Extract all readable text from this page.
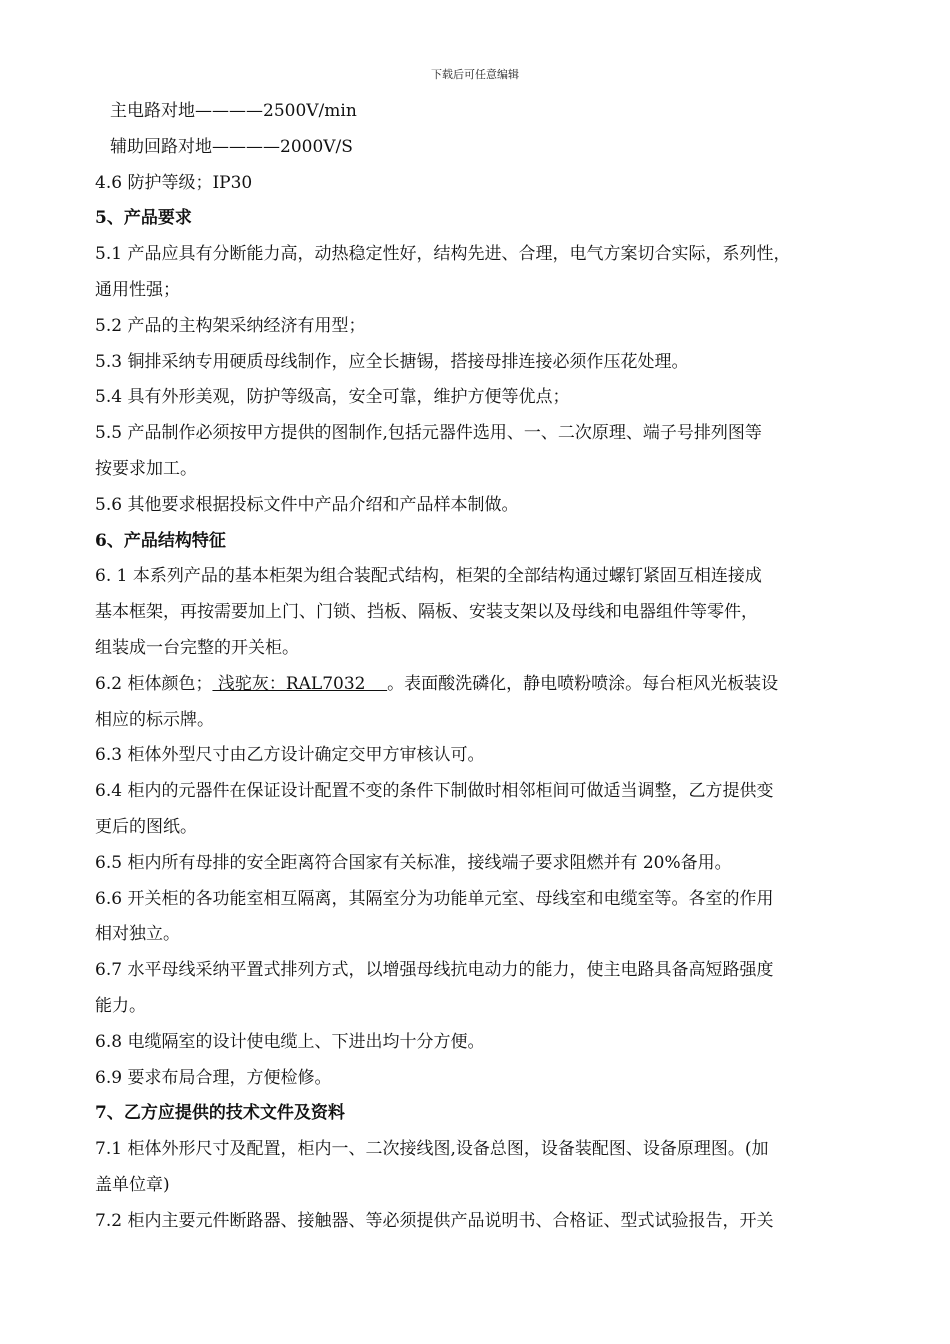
下载后可任意编辑
主电路对地————2500V/min
辅助回路对地————2000V/S
4.6 防护等级；IP30
5、产品要求
5.1 产品应具有分断能力高，动热稳定性好，结构先进、合理，电气方案切合实际，系列性，
通用性强；
5.2 产品的主构架采纳经济有用型；
5.3 铜排采纳专用硬质母线制作，应全长搪锡，搭接母排连接必须作压花处理。
5.4 具有外形美观，防护等级高，安全可靠，维护方便等优点；
5.5 产品制作必须按甲方提供的图制作,包括元器件选用、一、二次原理、端子号排列图等
按要求加工。
5.6 其他要求根据投标文件中产品介绍和产品样本制做。
6、产品结构特征
6. 1 本系列产品的基本柜架为组合装配式结构，柜架的全部结构通过螺钉紧固互相连接成
基本框架，再按需要加上门、门锁、挡板、隔板、安装支架以及母线和电器组件等零件，
组装成一台完整的开关柜。
6.2 柜体颜色； 浅驼灰：RAL7032    。表面酸洗磷化，静电喷粉喷涂。每台柜风光板装设
相应的标示牌。
6.3 柜体外型尺寸由乙方设计确定交甲方审核认可。
6.4 柜内的元器件在保证设计配置不变的条件下制做时相邻柜间可做适当调整，乙方提供变
更后的图纸。
6.5 柜内所有母排的安全距离符合国家有关标准，接线端子要求阻燃并有 20%备用。
6.6 开关柜的各功能室相互隔离，其隔室分为功能单元室、母线室和电缆室等。各室的作用
相对独立。
6.7 水平母线采纳平置式排列方式，以增强母线抗电动力的能力，使主电路具备高短路强度
能力。
6.8 电缆隔室的设计使电缆上、下进出均十分方便。
6.9 要求布局合理，方便检修。
7、乙方应提供的技术文件及资料
7.1 柜体外形尺寸及配置，柜内一、二次接线图,设备总图，设备装配图、设备原理图。(加
盖单位章)
7.2 柜内主要元件断路器、接触器、等必须提供产品说明书、合格证、型式试验报告，开关
